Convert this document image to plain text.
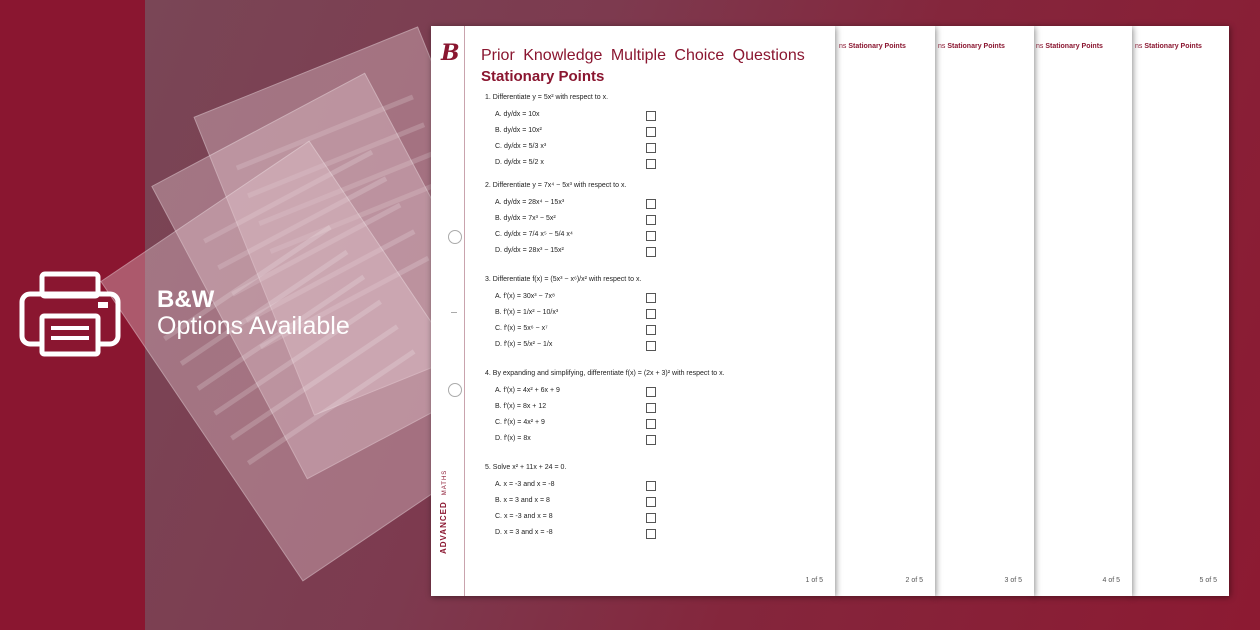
B&W
Options Available
ns Stationary Points
5 of 5
ns Stationary Points
4 of 5
ns Stationary Points
3 of 5
ns Stationary Points
2 of 5
B
ADVANCEDMATHS
Prior Knowledge Multiple Choice Questions
Stationary Points
1. Differentiate y = 5x² with respect to x.
A. dy/dx = 10x
B. dy/dx = 10x²
C. dy/dx = 5/3 x³
D. dy/dx = 5/2 x
2. Differentiate y = 7x⁴ − 5x³ with respect to x.
A. dy/dx = 28x⁴ − 15x³
B. dy/dx = 7x³ − 5x²
C. dy/dx = 7/4 x⁵ − 5/4 x⁴
D. dy/dx = 28x³ − 15x²
3. Differentiate f(x) = (5x³ − x⁶)/x² with respect to x.
A. f′(x) = 30x³ − 7x⁸
B. f′(x) = 1/x² − 10/x³
C. f′(x) = 5x⁶ − x⁷
D. f′(x) = 5/x² − 1/x
4. By expanding and simplifying, differentiate f(x) = (2x + 3)² with respect to x.
A. f′(x) = 4x² + 6x + 9
B. f′(x) = 8x + 12
C. f′(x) = 4x² + 9
D. f′(x) = 8x
5. Solve x² + 11x + 24 = 0.
A. x = -3 and x = -8
B. x = 3 and x = 8
C. x = -3 and x = 8
D. x = 3 and x = -8
1 of 5
